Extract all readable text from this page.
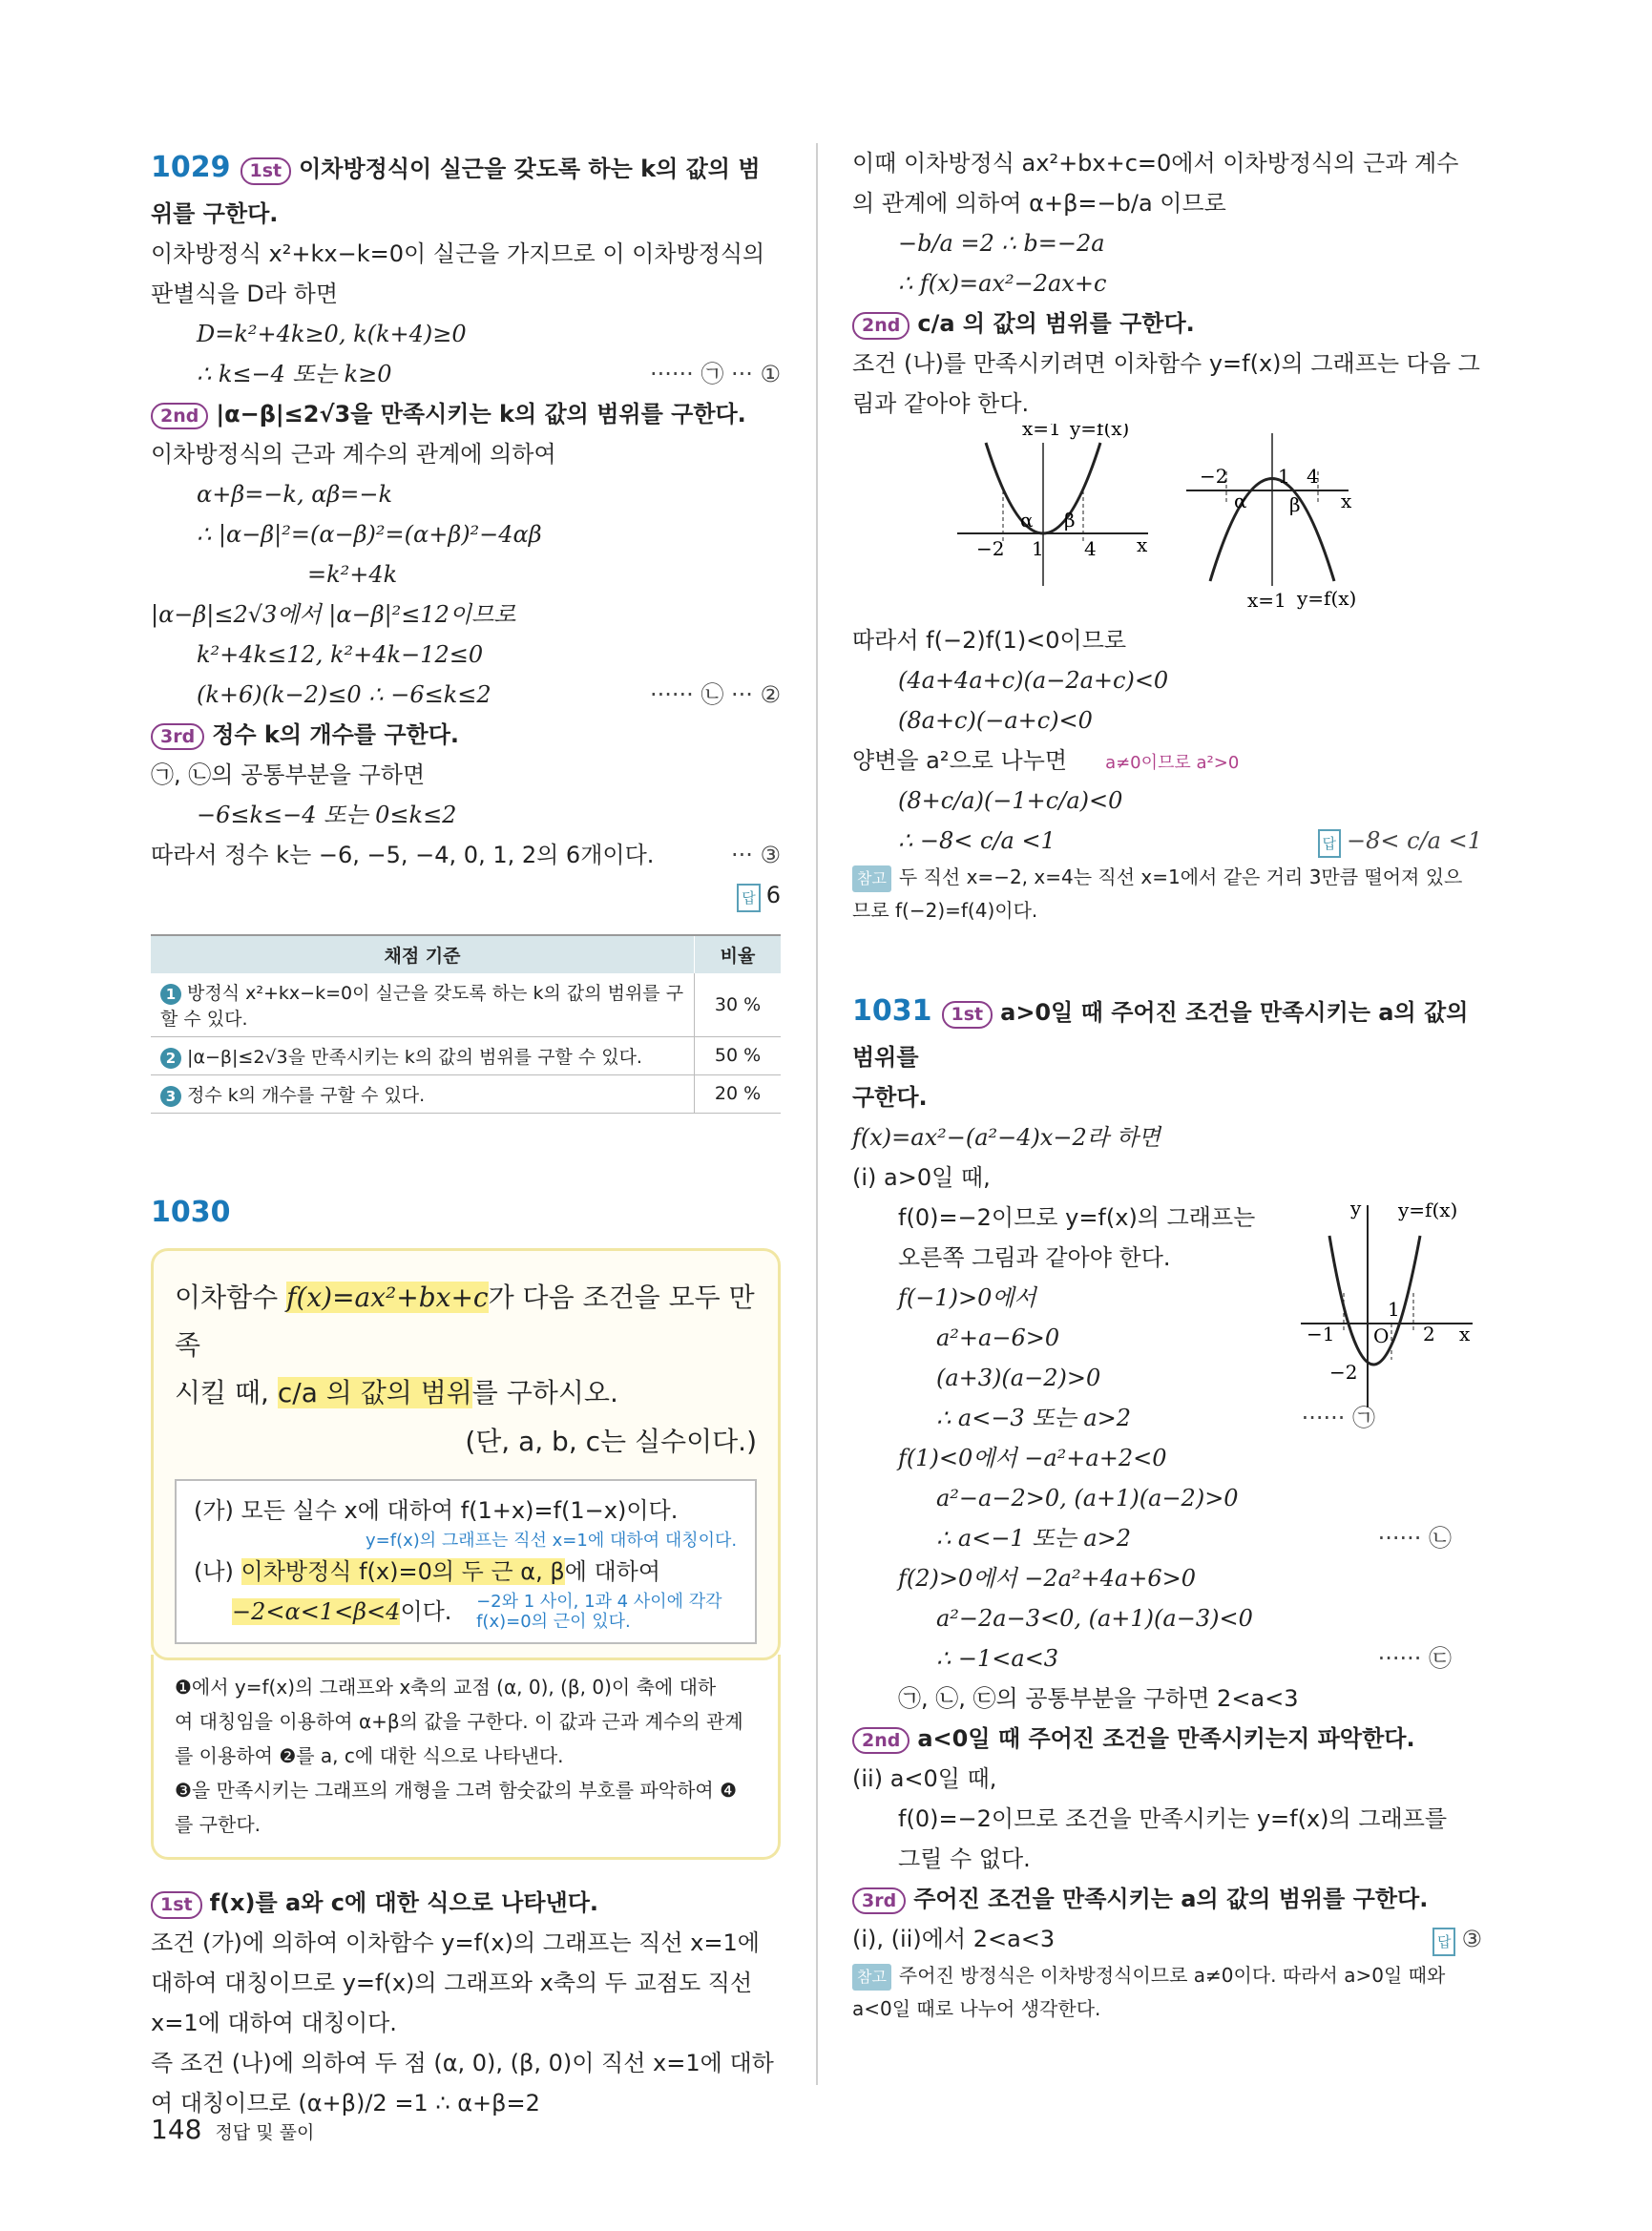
1029 1st 이차방정식이 실근을 갖도록 하는 k의 값의 범위를 구한다.
이차방정식 x²+kx−k=0이 실근을 가지므로 이 이차방정식의
판별식을 D라 하면
D=k²+4k≥0, k(k+4)≥0
∴ k≤−4 또는 k≥0	······ ㉠ ··· ①
2nd |α−β|≤2√3을 만족시키는 k의 값의 범위를 구한다.
이차방정식의 근과 계수의 관계에 의하여
α+β=−k, αβ=−k
∴ |α−β|²=(α−β)²=(α+β)²−4αβ
=k²+4k
|α−β|≤2√3에서 |α−β|²≤12이므로
k²+4k≤12, k²+4k−12≤0
(k+6)(k−2)≤0 ∴ −6≤k≤2	······ ㉡ ··· ②
3rd 정수 k의 개수를 구한다.
㉠, ㉡의 공통부분을 구하면
−6≤k≤−4 또는 0≤k≤2
따라서 정수 k는 −6, −5, −4, 0, 1, 2의 6개이다.	··· ③
답 6
채점 기준	비율
1 방정식 x²+kx−k=0이 실근을 갖도록 하는 k의 값의 범위를 구할 수 있다.	30 %
2 |α−β|≤2√3을 만족시키는 k의 값의 범위를 구할 수 있다.	50 %
3 정수 k의 개수를 구할 수 있다.	20 %
1030
이차함수 f(x)=ax²+bx+c가 다음 조건을 모두 만족
시킬 때, c/a 의 값의 범위를 구하시오.
(단, a, b, c는 실수이다.)
(가) 모든 실수 x에 대하여 f(1+x)=f(1−x)이다.
y=f(x)의 그래프는 직선 x=1에 대하여 대칭이다.
(나) 이차방정식 f(x)=0의 두 근 α, β에 대하여
−2<α<1<β<4이다. −2와 1 사이, 1과 4 사이에 각각
f(x)=0의 근이 있다.
❶에서 y=f(x)의 그래프와 x축의 교점 (α, 0), (β, 0)이 축에 대하
여 대칭임을 이용하여 α+β의 값을 구한다. 이 값과 근과 계수의 관계
를 이용하여 ❷를 a, c에 대한 식으로 나타낸다.
❸을 만족시키는 그래프의 개형을 그려 함숫값의 부호를 파악하여 ❹
를 구한다.
1st f(x)를 a와 c에 대한 식으로 나타낸다.
조건 (가)에 의하여 이차함수 y=f(x)의 그래프는 직선 x=1에
대하여 대칭이므로 y=f(x)의 그래프와 x축의 두 교점도 직선
x=1에 대하여 대칭이다.
즉 조건 (나)에 의하여 두 점 (α, 0), (β, 0)이 직선 x=1에 대하
여 대칭이므로 (α+β)/2 =1 ∴ α+β=2
이때 이차방정식 ax²+bx+c=0에서 이차방정식의 근과 계수
의 관계에 의하여 α+β=−b/a 이므로
−b/a =2 ∴ b=−2a
∴ f(x)=ax²−2ax+c
2nd c/a 의 값의 범위를 구한다.
조건 (나)를 만족시키려면 이차함수 y=f(x)의 그래프는 다음 그
림과 같아야 한다.
x=1 y=f(x)
α β
−2 1 4 x
−2	1 4
α β x
x=1 y=f(x)
따라서 f(−2)f(1)<0이므로
(4a+4a+c)(a−2a+c)<0
(8a+c)(−a+c)<0
양변을 a²으로 나누면 a≠0이므로 a²>0
(8+c/a)(−1+c/a)<0
∴ −8< c/a <1	답 −8< c/a <1
참고 두 직선 x=−2, x=4는 직선 x=1에서 같은 거리 3만큼 떨어져 있으
므로 f(−2)=f(4)이다.
1031 1st a>0일 때 주어진 조건을 만족시키는 a의 값의 범위를
구한다.
f(x)=ax²−(a²−4)x−2라 하면
(i) a>0일 때,
y y=f(x)
−1 O
1
2 x
−2
f(0)=−2이므로 y=f(x)의 그래프는
오른쪽 그림과 같아야 한다.
f(−1)>0에서
a²+a−6>0
(a+3)(a−2)>0
∴ a<−3 또는 a>2	······ ㉠
f(1)<0에서 −a²+a+2<0
a²−a−2>0, (a+1)(a−2)>0
∴ a<−1 또는 a>2	······ ㉡
f(2)>0에서 −2a²+4a+6>0
a²−2a−3<0, (a+1)(a−3)<0
∴ −1<a<3	······ ㉢
㉠, ㉡, ㉢의 공통부분을 구하면 2<a<3
2nd a<0일 때 주어진 조건을 만족시키는지 파악한다.
(ii) a<0일 때,
f(0)=−2이므로 조건을 만족시키는 y=f(x)의 그래프를
그릴 수 없다.
3rd 주어진 조건을 만족시키는 a의 값의 범위를 구한다.
(i), (ii)에서 2<a<3	답 ③
참고 주어진 방정식은 이차방정식이므로 a≠0이다. 따라서 a>0일 때와
a<0일 때로 나누어 생각한다.
148 정답 및 풀이
